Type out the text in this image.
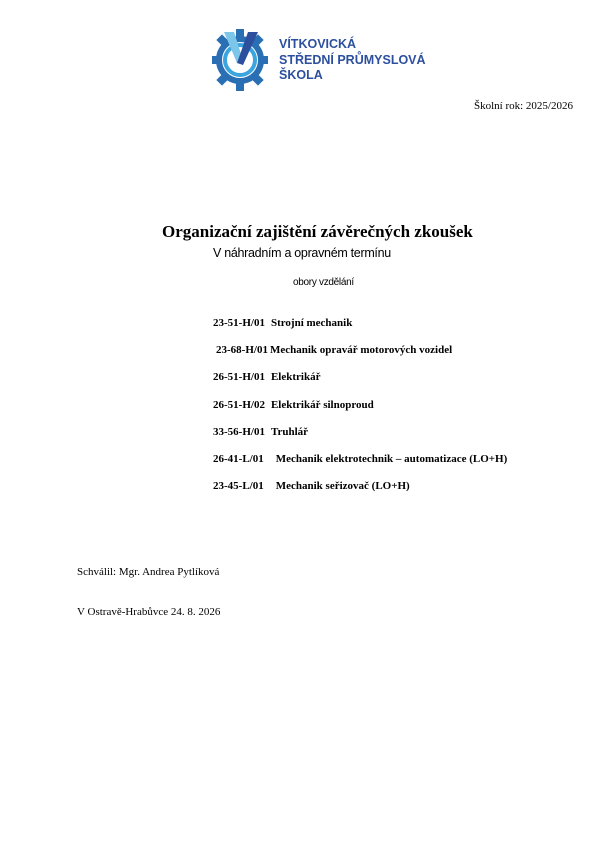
VÍTKOVICKÁ
STŘEDNÍ PRŮMYSLOVÁ
ŠKOLA
Školní rok: 2025/2026
Organizační zajištění závěrečných zkoušek
V náhradním a opravném termínu
obory vzdělání
23-51-H/01 Strojní mechanik
23-68-H/01 Mechanik opravář motorových vozidel
26-51-H/01 Elektrikář
26-51-H/02 Elektrikář silnoproud
33-56-H/01 Truhlář
26-41-L/01 Mechanik elektrotechnik – automatizace (LO+H)
23-45-L/01 Mechanik seřizovač (LO+H)
Schválil: Mgr. Andrea Pytlíková
V Ostravě-Hrabůvce 24. 8. 2026
